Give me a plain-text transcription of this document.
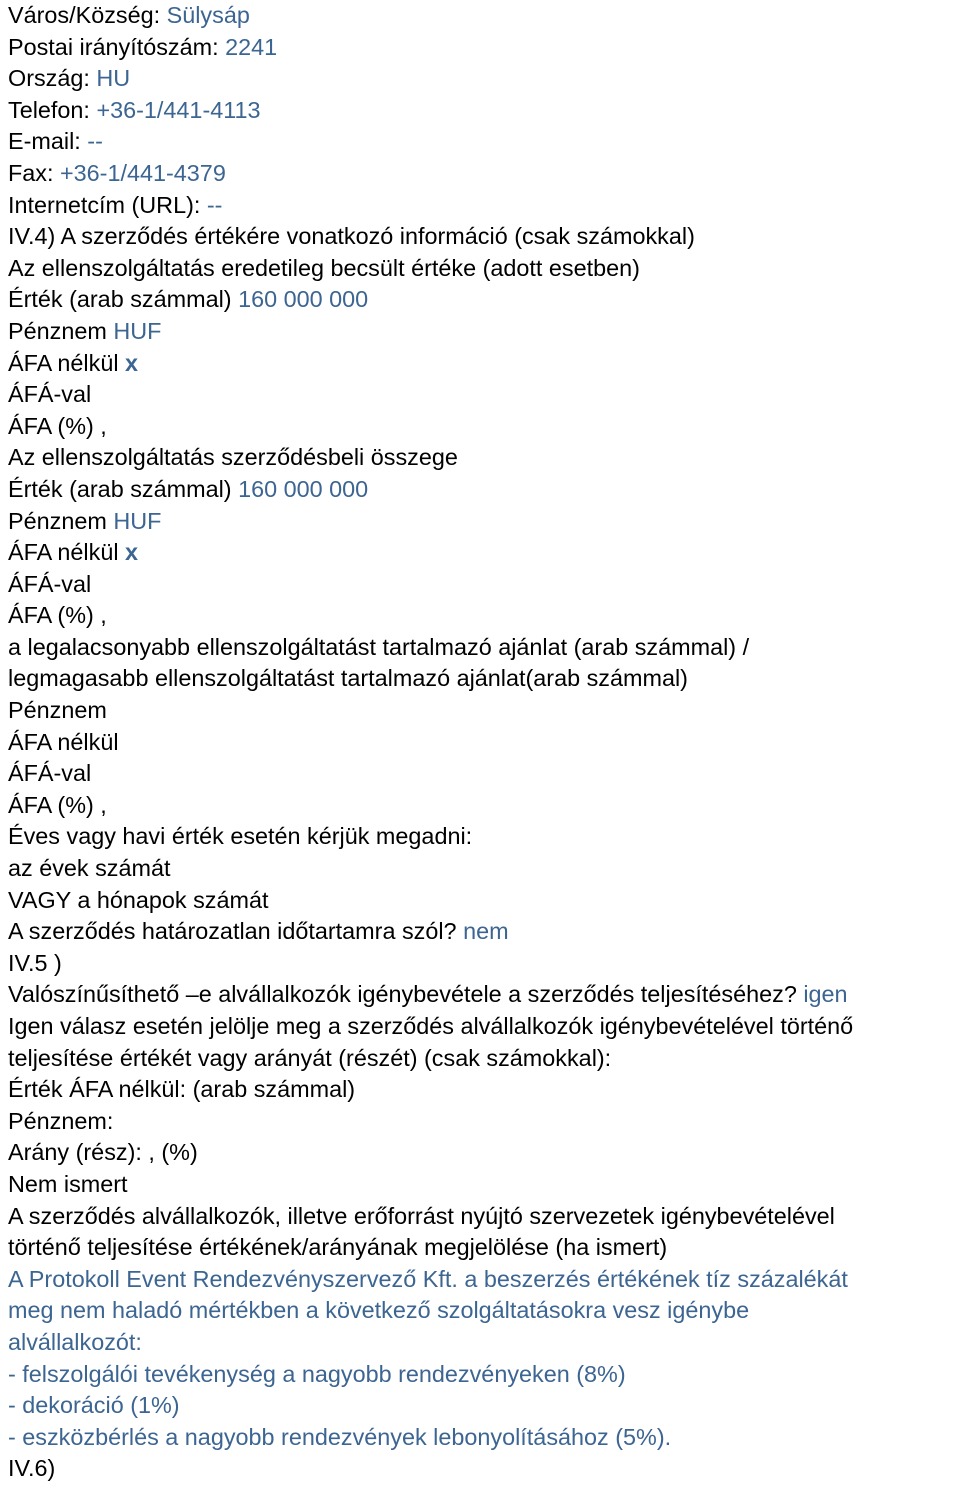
Város/Község: Sülysáp
Postai irányítószám: 2241
Ország: HU
Telefon: +36-1/441-4113
E-mail: --
Fax: +36-1/441-4379
Internetcím (URL): --
IV.4) A szerződés értékére vonatkozó információ (csak számokkal)
Az ellenszolgáltatás eredetileg becsült értéke (adott esetben)
Érték (arab számmal) 160 000 000
Pénznem HUF
ÁFA nélkül x
ÁFÁ-val
ÁFA (%) ,
Az ellenszolgáltatás szerződésbeli összege
Érték (arab számmal) 160 000 000
Pénznem HUF
ÁFA nélkül x
ÁFÁ-val
ÁFA (%) ,
a legalacsonyabb ellenszolgáltatást tartalmazó ajánlat (arab számmal) /
legmagasabb ellenszolgáltatást tartalmazó ajánlat(arab számmal)
Pénznem
ÁFA nélkül
ÁFÁ-val
ÁFA (%) ,
Éves vagy havi érték esetén kérjük megadni:
az évek számát
VAGY a hónapok számát
A szerződés határozatlan időtartamra szól? nem
IV.5 )
Valószínűsíthető –e alvállalkozók igénybevétele a szerződés teljesítéséhez? igen
Igen válasz esetén jelölje meg a szerződés alvállalkozók igénybevételével történő
teljesítése értékét vagy arányát (részét) (csak számokkal):
Érték ÁFA nélkül: (arab számmal)
Pénznem:
Arány (rész): , (%)
Nem ismert
A szerződés alvállalkozók, illetve erőforrást nyújtó szervezetek igénybevételével
történő teljesítése értékének/arányának megjelölése (ha ismert)
A Protokoll Event Rendezvényszervező Kft. a beszerzés értékének tíz százalékát
meg nem haladó mértékben a következő szolgáltatásokra vesz igénybe
alvállalkozót:
- felszolgálói tevékenység a nagyobb rendezvényeken (8%)
- dekoráció (1%)
- eszközbérlés a nagyobb rendezvények lebonyolításához (5%).
IV.6)
